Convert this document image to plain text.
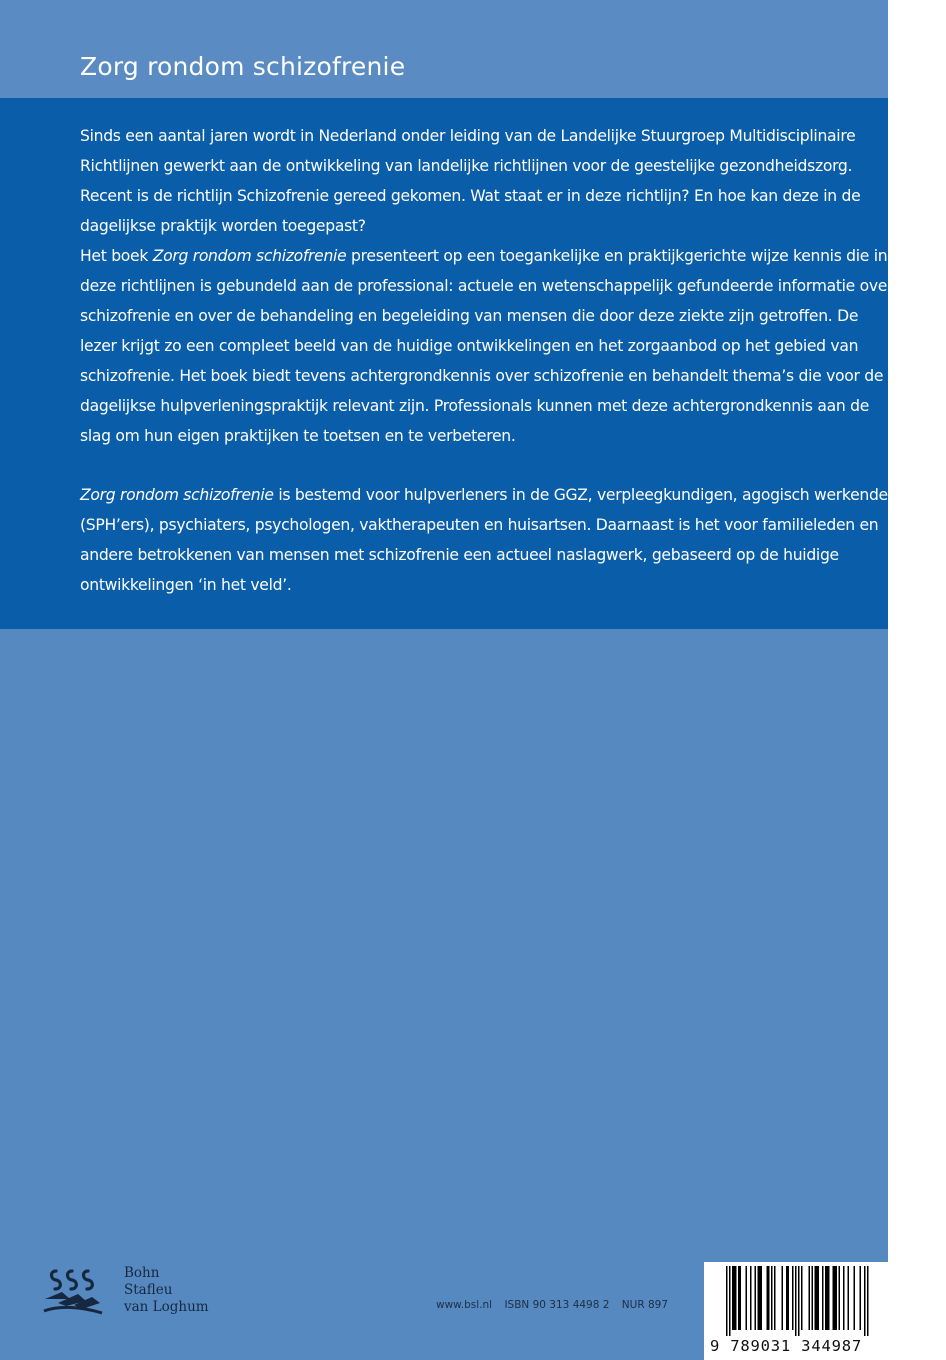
Zorg rondom schizofrenie

Sinds een aantal jaren wordt in Nederland onder leiding van de Landelijke Stuurgroep Multidisciplinaire
Richtlijnen gewerkt aan de ontwikkeling van landelijke richtlijnen voor de geestelijke gezondheidszorg.
Recent is de richtlijn Schizofrenie gereed gekomen. Wat staat er in deze richtlijn? En hoe kan deze in de
dagelijkse praktijk worden toegepast?

Het boek Zorg rondom schizofrenie presenteert op een toegankelijke en praktijkgerichte wijze kennis die in
deze richtlijnen is gebundeld aan de professional: actuele en wetenschappelijk gefundeerde informatie over
schizofrenie en over de behandeling en begeleiding van mensen die door deze ziekte zijn getroffen. De
lezer krijgt zo een compleet beeld van de huidige ontwikkelingen en het zorgaanbod op het gebied van
schizofrenie. Het boek biedt tevens achtergrondkennis over schizofrenie en behandelt thema’s die voor de
dagelijkse hulpverleningspraktijk relevant zijn. Professionals kunnen met deze achtergrondkennis aan de
slag om hun eigen praktijken te toetsen en te verbeteren.

Zorg rondom schizofrenie is bestemd voor hulpverleners in de GGZ, verpleegkundigen, agogisch werkenden
(SPH’ers), psychiaters, psychologen, vaktherapeuten en huisartsen. Daarnaast is het voor familieleden en
andere betrokkenen van mensen met schizofrenie een actueel naslagwerk, gebaseerd op de huidige
ontwikkelingen ‘in het veld’.

Bohn
Stafleu
van Loghum	www.bsl.nl ISBN 90 313 4498 2 NUR 897
9 789031 344987
